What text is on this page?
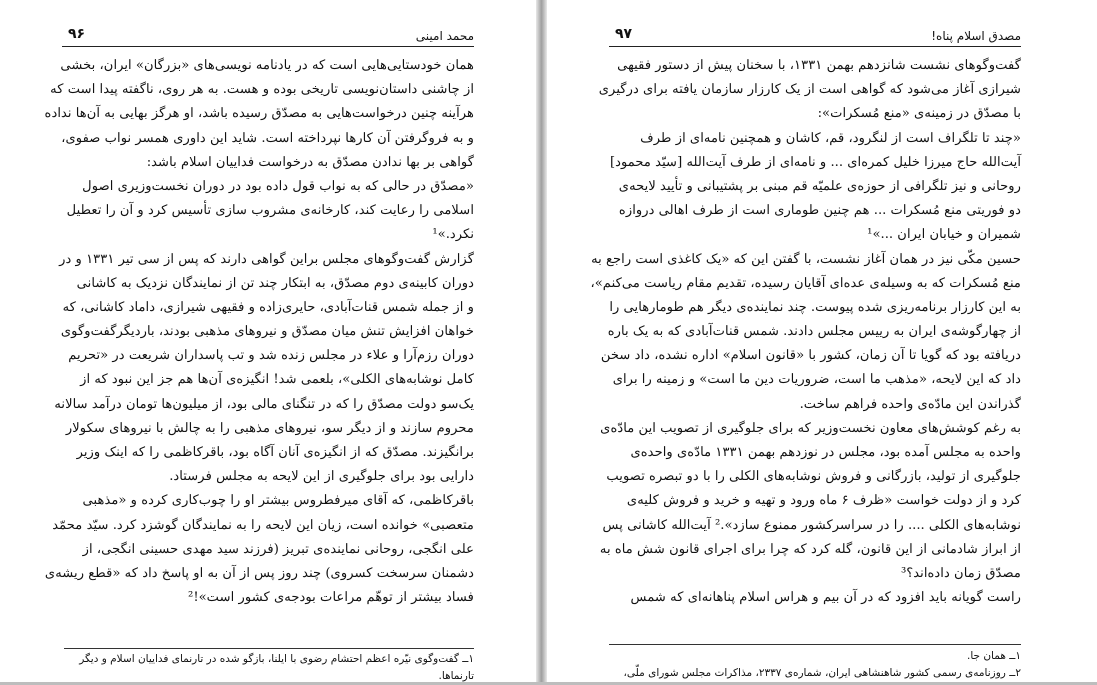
محمد امینی
۹۶
همان خودستایی‌هایی است که در یادنامه نویسی‌های «بزرگان» ایران، بخشی
از چاشنی داستان‌نویسی تاریخی بوده و هست. به هر روی، ناگفته پیدا است که
هرآینه چنین درخواست‌هایی به مصدّق رسیده باشد، او هرگز بهایی به آن‌ها نداده
و به فروگرفتن آن کارها نپرداخته است. شاید این داوری همسر نواب صفوی،
گواهی بر بها ندادن مصدّق به درخواست فداییان اسلام باشد:
«مصدّق در حالی که به نواب قول داده بود در دوران نخست‌وزیری اصول
اسلامی را رعایت کند، کارخانه‌ی مشروب سازی تأسیس کرد و آن را تعطیل
نکرد.»¹
گزارش گفت‌وگوهای مجلس براین گواهی دارند که پس از سی تیر ۱۳۳۱ و در
دوران کابینه‌ی دوم مصدّق، به ابتکار چند تن از نمایندگان نزدیک به کاشانی
و از جمله شمس قنات‌آبادی، حایری‌زاده و فقیهی شیرازی، داماد کاشانی، که
خواهان افزایش تنش میان مصدّق و نیروهای مذهبی بودند، باردیگرگفت‌وگوی
دوران رزم‌آرا و علاء در مجلس زنده شد و تب پاسداران شریعت در «تحریم
کامل نوشابه‌های الکلی»، بلعمی شد! انگیزه‌ی آن‌ها هم جز این نبود که از
یک‌سو دولت مصدّق را که در تنگنای مالی بود، از میلیون‌ها تومان درآمد سالانه
محروم سازند و از دیگر سو، نیروهای مذهبی را به چالش با نیروهای سکولار
برانگیزند. مصدّق که از انگیزه‌ی آنان آگاه بود، باقرکاظمی را که اینک وزیر
دارایی بود برای جلوگیری از این لایحه به مجلس فرستاد.
باقرکاظمی، که آقای میرفطروس بیشتر او را چوب‌کاری کرده و «مذهبی
متعصبی» خوانده است، زیان این لایحه را به نمایندگان گوشزد کرد. سیّد محمّد
علی انگجی، روحانی نماینده‌ی تبریز (فرزند سید مهدی حسینی انگجی، از
دشمنان سرسخت کسروی) چند روز پس از آن به او پاسخ داد که «قطع ریشه‌ی
فساد بیشتر از توهّم مراعات بودجه‌ی کشور است»!²
۱ــ گفت‌وگوی نیّره اعظم احتشام رضوی با ایلنا، بازگو شده در تارنمای فداییان اسلام و دیگر
تارنماها.
مصدق اسلام پناه!
۹۷
گفت‌وگوهای نشست شانزدهم بهمن ۱۳۳۱، با سخنان پیش از دستور فقیهی
شیرازی آغاز می‌شود که گواهی است از یک کارزار سازمان یافته برای درگیری
با مصدّق در زمینه‌ی «منع مُسکرات»:
«چند تا تلگراف است از لنگرود، قم، کاشان و همچنین نامه‌ای از طرف
آیت‌الله حاج میرزا خلیل کمره‌ای ... و نامه‌ای از طرف آیت‌الله [سیّد محمود]
روحانی و نیز تلگرافی از حوزه‌ی علمیّه قم مبنی بر پشتیبانی و تأیید لایحه‌ی
دو فوریتی منع مُسکرات ... هم چنین طوماری است از طرف اهالی دروازه
شمیران و خیابان ایران ...»¹
حسین مکّی نیز در همان آغاز نشست، با گفتن این که «یک کاغذی است راجع به
منع مُسکرات که به وسیله‌ی عده‌ای آقایان رسیده، تقدیم مقام ریاست می‌کنم»،
به این کارزار برنامه‌ریزی شده پیوست. چند نماینده‌ی دیگر هم طومارهایی را
از چهارگوشه‌ی ایران به رییس مجلس دادند. شمس قنات‌آبادی که به یک باره
دریافته بود که گویا تا آن زمان، کشور با «قانون اسلام» اداره نشده، داد سخن
داد که این لایحه، «مذهب ما است، ضروریات دین ما است» و زمینه را برای
گذراندن این مادّه‌ی واحده فراهم ساخت.
به رغم کوشش‌های معاون نخست‌وزیر که برای جلوگیری از تصویب این مادّه‌ی
واحده به مجلس آمده بود، مجلس در نوزدهم بهمن ۱۳۳۱ مادّه‌ی واحده‌ی
جلوگیری از تولید، بازرگانی و فروش نوشابه‌های الکلی را با دو تبصره تصویب
کرد و از دولت خواست «ظرف ۶ ماه ورود و تهیه و خرید و فروش کلیه‌ی
نوشابه‌های الکلی .... را در سراسرکشور ممنوع سازد».² آیت‌الله کاشانی پس
از ابراز شادمانی از این قانون، گله کرد که چرا برای اجرای قانون شش ماه به
مصدّق زمان داده‌اند؟³
راست گویانه باید افزود که در آن بیم و هراس اسلام پناهانه‌ای که شمس
۱ــ همان جا.
۲ــ روزنامه‌ی رسمی کشور شاهنشاهی ایران، شماره‌ی ۲۳۳۷، مذاکرات مجلس شورای ملّی،
